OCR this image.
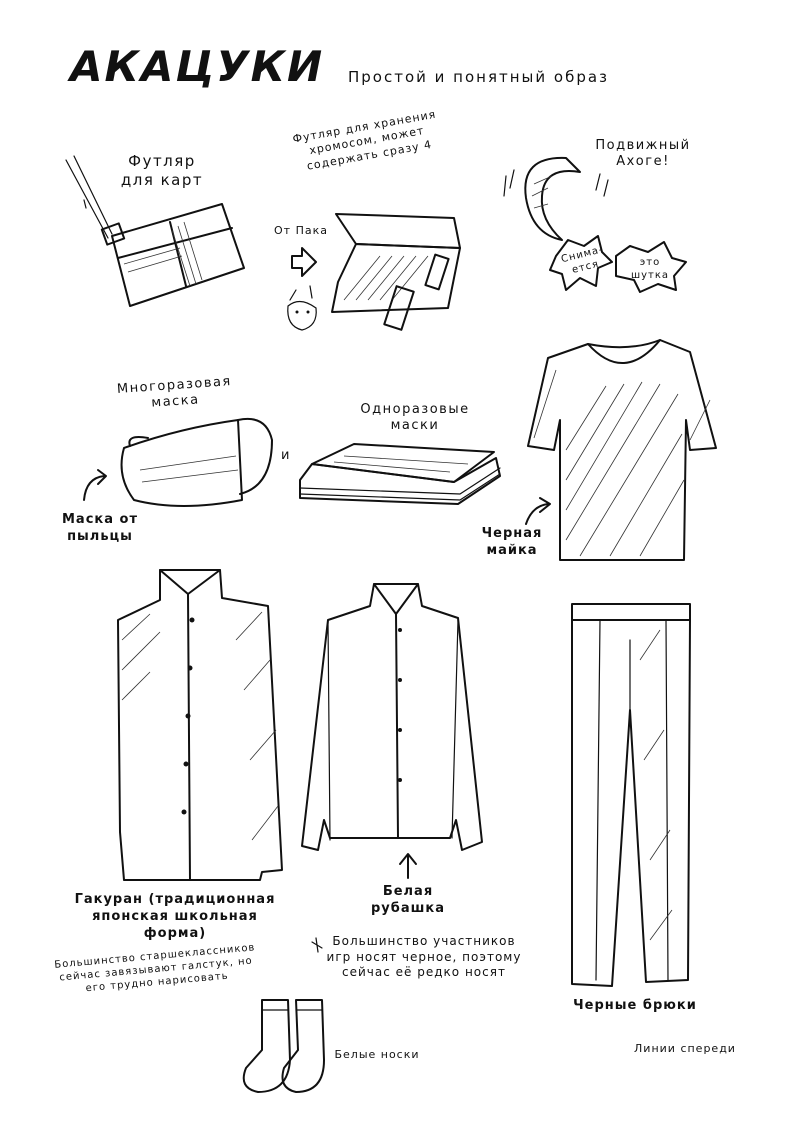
АКАЦУКИ Простой и понятный образ
Футляр
для карт
Футляр для хранения
хромосом, может
содержать сразу 4
От Пака
Подвижный
Ахоге!
Снима-
ется	это
шутка
Многоразовая
маска
и
Одноразовые
маски
Маска от
пыльцы	Черная
майка
Гакуран (традиционная
японская школьная
форма)
Белая
рубашка
Большинство участников
игр носят черное, поэтому
сейчас её редко носят
Большинство старшеклассников
сейчас завязывают галстук, но
его трудно нарисовать
Белые носки
Черные брюки
Линии спереди
